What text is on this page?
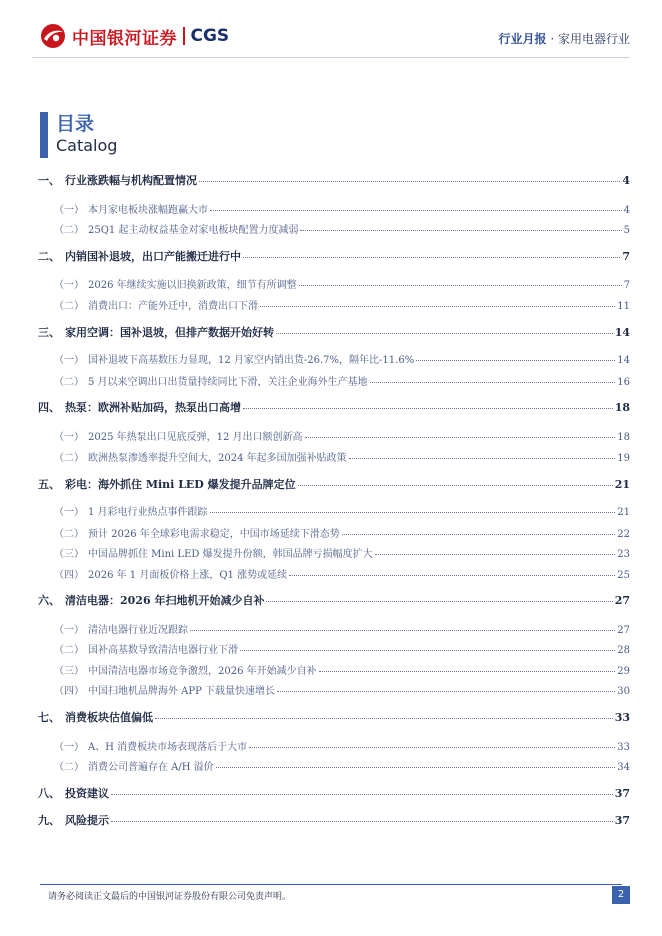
中国银河证券 CGS	行业月报 · 家用电器行业
目录
Catalog
一、 行业涨跌幅与机构配置情况	4
（一） 本月家电板块涨幅跑赢大市	4
（二） 25Q1 起主动权益基金对家电板块配置力度减弱	5
二、 内销国补退坡，出口产能搬迁进行中	7
（一） 2026 年继续实施以旧换新政策，细节有所调整	7
（二） 消费出口：产能外迁中，消费出口下滑	11
三、 家用空调：国补退坡，但排产数据开始好转	14
（一） 国补退坡下高基数压力显现，12 月家空内销出货-26.7%，隔年比-11.6%	14
（二） 5 月以来空调出口出货量持续同比下滑，关注企业海外生产基地	16
四、 热泵：欧洲补贴加码，热泵出口高增	18
（一） 2025 年热泵出口见底反弹，12 月出口额创新高	18
（二） 欧洲热泵渗透率提升空间大，2024 年起多国加强补贴政策	19
五、 彩电：海外抓住 Mini LED 爆发提升品牌定位	21
（一） 1 月彩电行业热点事件跟踪	21
（二） 预计 2026 年全球彩电需求稳定，中国市场延续下滑态势	22
（三） 中国品牌抓住 Mini LED 爆发提升份额，韩国品牌亏损幅度扩大	23
（四） 2026 年 1 月面板价格上涨，Q1 涨势或延续	25
六、 清洁电器：2026 年扫地机开始减少自补	27
（一） 清洁电器行业近况跟踪	27
（二） 国补高基数导致清洁电器行业下滑	28
（三） 中国清洁电器市场竞争激烈，2026 年开始减少自补	29
（四） 中国扫地机品牌海外 APP 下载量快速增长	30
七、 消费板块估值偏低	33
（一） A、H 消费板块市场表现落后于大市	33
（二） 消费公司普遍存在 A/H 溢价	34
八、 投资建议	37
九、 风险提示	37
请务必阅读正文最后的中国银河证券股份有限公司免责声明。	2
